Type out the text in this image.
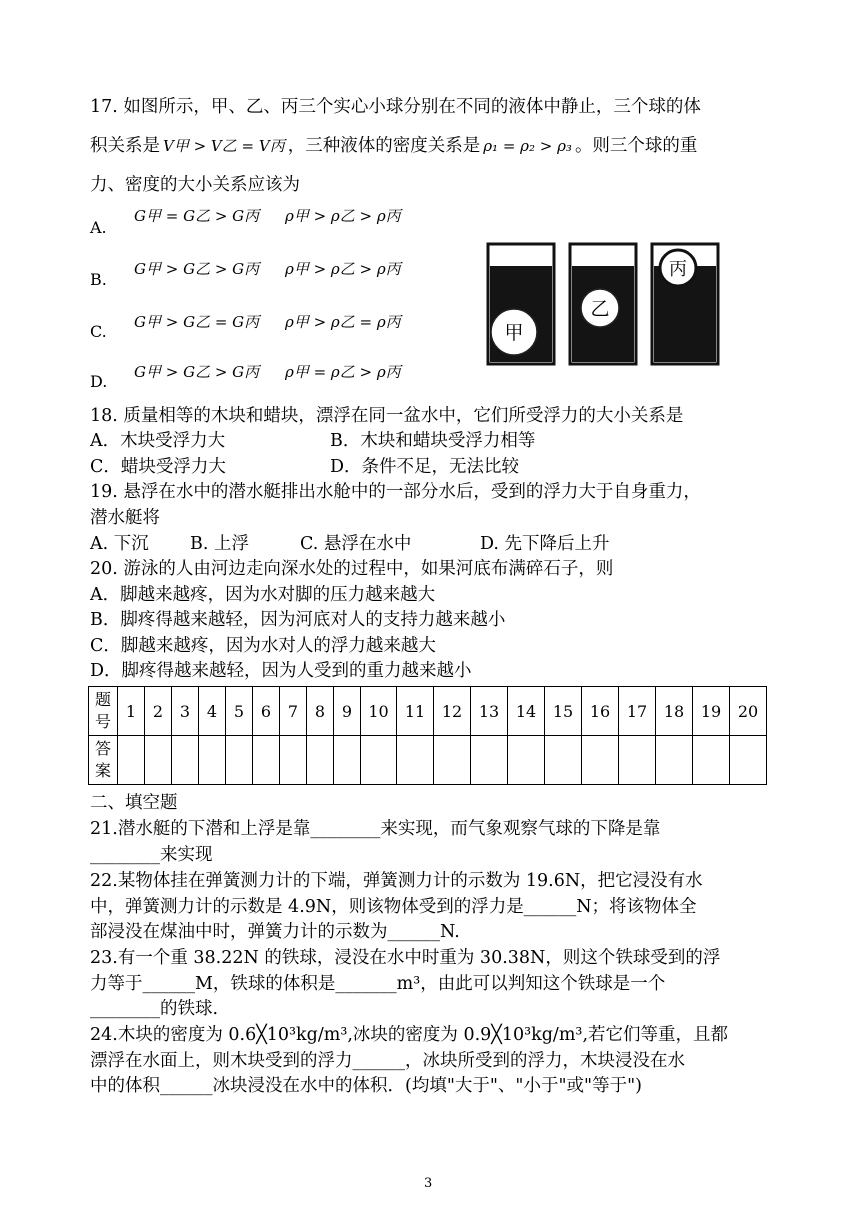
17. 如图所示，甲、乙、丙三个实心小球分别在不同的液体中静止，三个球的体
积关系是 V甲 > V乙 = V丙 ，三种液体的密度关系是 ρ₁ = ρ₂ > ρ₃ 。则三个球的重
力、密度的大小关系应该为
A.
G甲 = G乙 > G丙 ρ甲 > ρ乙 > ρ丙
B.
G甲 > G乙 > G丙 ρ甲 > ρ乙 > ρ丙
C. G甲 > G乙 = G丙 ρ甲 > ρ乙 = ρ丙
D. G甲 > G乙 > G丙 ρ甲 = ρ乙 > ρ丙
甲
乙
丙
18. 质量相等的木块和蜡块，漂浮在同一盆水中，它们所受浮力的大小关系是
A．木块受浮力大	B．木块和蜡块受浮力相等
C．蜡块受浮力大	D．条件不足，无法比较
19. 悬浮在水中的潜水艇排出水舱中的一部分水后，受到的浮力大于自身重力，
潜水艇将
A. 下沉 B. 上浮	C. 悬浮在水中	D. 先下降后上升
20. 游泳的人由河边走向深水处的过程中，如果河底布满碎石子，则
A．脚越来越疼，因为水对脚的压力越来越大
B．脚疼得越来越轻，因为河底对人的支持力越来越小
C．脚越来越疼，因为水对人的浮力越来越大
D．脚疼得越来越轻，因为人受到的重力越来越小
题号	1	2	3	4	5	6	7	8	9	10	11	12	13	14	15	16	17	18	19	20
答案																				
二、填空题
21.潜水艇的下潜和上浮是靠________来实现，而气象观察气球的下降是靠
________来实现
22.某物体挂在弹簧测力计的下端，弹簧测力计的示数为 19.6N，把它浸没有水
中，弹簧测力计的示数是 4.9N，则该物体受到的浮力是______N；将该物体全
部浸没在煤油中时，弹簧力计的示数为______N.
23.有一个重 38.22N 的铁球，浸没在水中时重为 30.38N，则这个铁球受到的浮
力等于______M，铁球的体积是_______m³，由此可以判知这个铁球是一个
________的铁球.
24.木块的密度为 0.6╳10³kg/m³,冰块的密度为 0.9╳10³kg/m³,若它们等重，且都
漂浮在水面上，则木块受到的浮力______，冰块所受到的浮力，木块浸没在水
中的体积______冰块浸没在水中的体积．(均填"大于"、"小于"或"等于")
3
